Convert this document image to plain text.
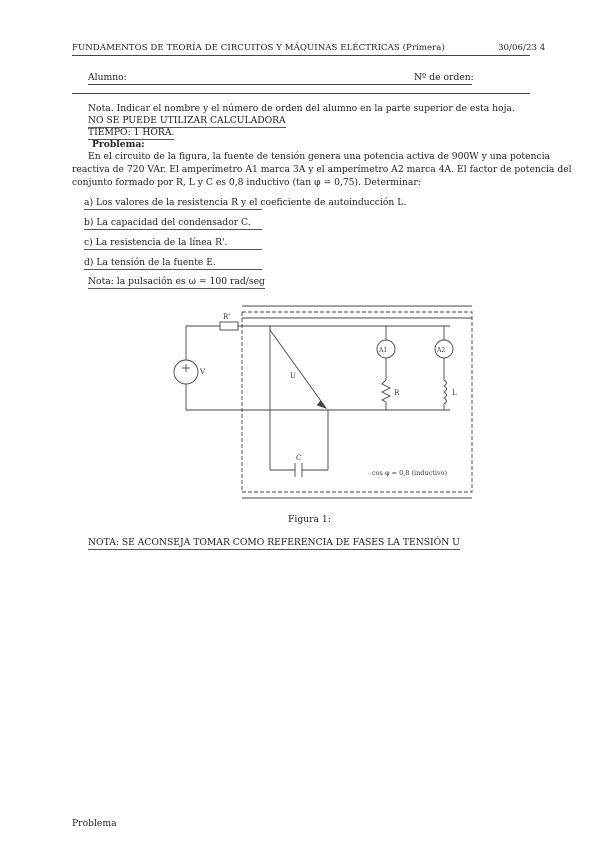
FUNDAMENTOS DE TEORÍA DE CIRCUITOS Y MÁQUINAS ELÉCTRICAS (Primera)	30/06/23 4
Alumno:	Nº de orden:
Nota. Indicar el nombre y el número de orden del alumno en la parte superior de esta hoja.
NO SE PUEDE UTILIZAR CALCULADORA
TIEMPO: 1 HORA.
Problema:
En el circuito de la figura, la fuente de tensión genera una potencia activa de 900W y una potencia
reactiva de 720 VAr. El amperímetro A1 marca 3A y el amperímetro A2 marca 4A. El factor de potencia del
conjunto formado por R, L y C es 0,8 inductivo (tan φ = 0,75). Determinar:
a) Los valores de la resistencia R y el coeficiente de autoinducción L.
b) La capacidad del condensador C.
c) La resistencia de la línea R'.
d) La tensión de la fuente E.
Nota: la pulsación es ω = 100 rad/seg
R'
V	U
A1	A2
R	L
C
cos φ = 0,8 (inductivo)
Figura 1:
NOTA: SE ACONSEJA TOMAR COMO REFERENCIA DE FASES LA TENSIÓN U
Problema
